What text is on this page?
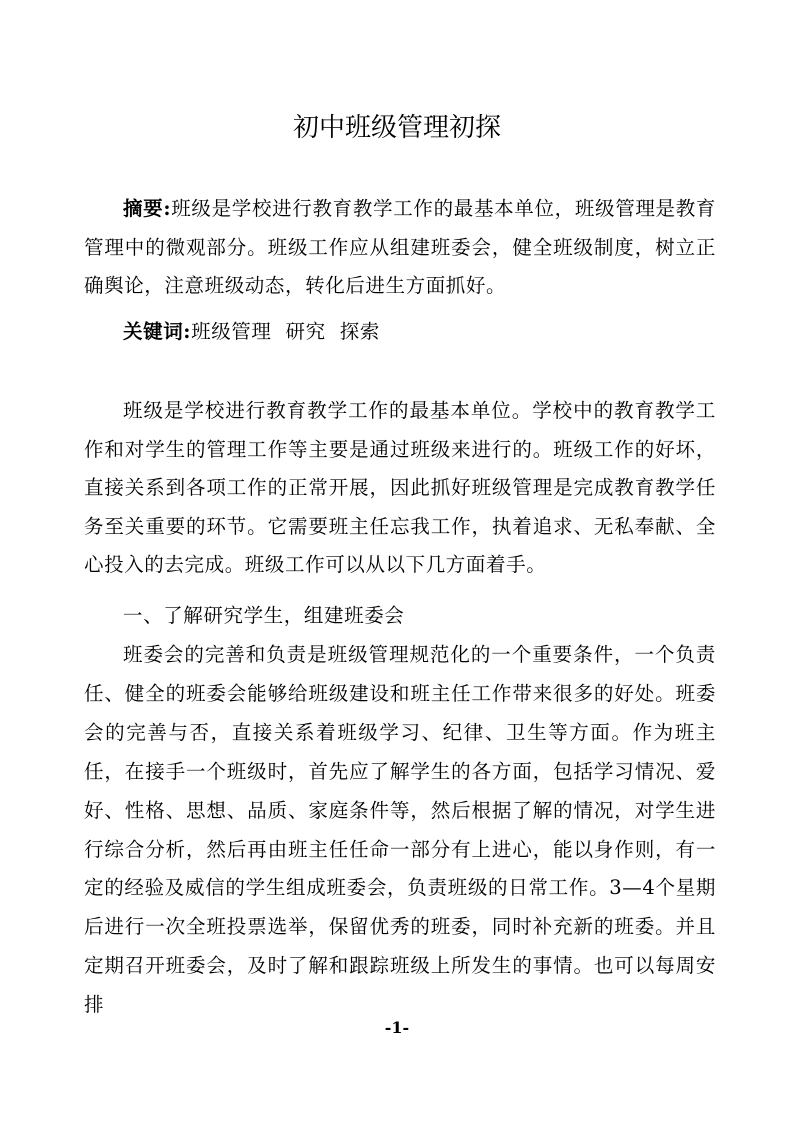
初中班级管理初探

摘要:班级是学校进行教育教学工作的最基本单位，班级管理是教育管理中的微观部分。班级工作应从组建班委会，健全班级制度，树立正确舆论，注意班级动态，转化后进生方面抓好。

关键词:班级管理 研究 探索

班级是学校进行教育教学工作的最基本单位。学校中的教育教学工作和对学生的管理工作等主要是通过班级来进行的。班级工作的好坏，直接关系到各项工作的正常开展，因此抓好班级管理是完成教育教学任务至关重要的环节。它需要班主任忘我工作，执着追求、无私奉献、全心投入的去完成。班级工作可以从以下几方面着手。

一、了解研究学生，组建班委会

班委会的完善和负责是班级管理规范化的一个重要条件，一个负责任、健全的班委会能够给班级建设和班主任工作带来很多的好处。班委会的完善与否，直接关系着班级学习、纪律、卫生等方面。作为班主任，在接手一个班级时，首先应了解学生的各方面，包括学习情况、爱好、性格、思想、品质、家庭条件等，然后根据了解的情况，对学生进行综合分析，然后再由班主任任命一部分有上进心，能以身作则，有一定的经验及威信的学生组成班委会，负责班级的日常工作。3—4个星期后进行一次全班投票选举，保留优秀的班委，同时补充新的班委。并且定期召开班委会，及时了解和跟踪班级上所发生的事情。也可以每周安排

-1-
